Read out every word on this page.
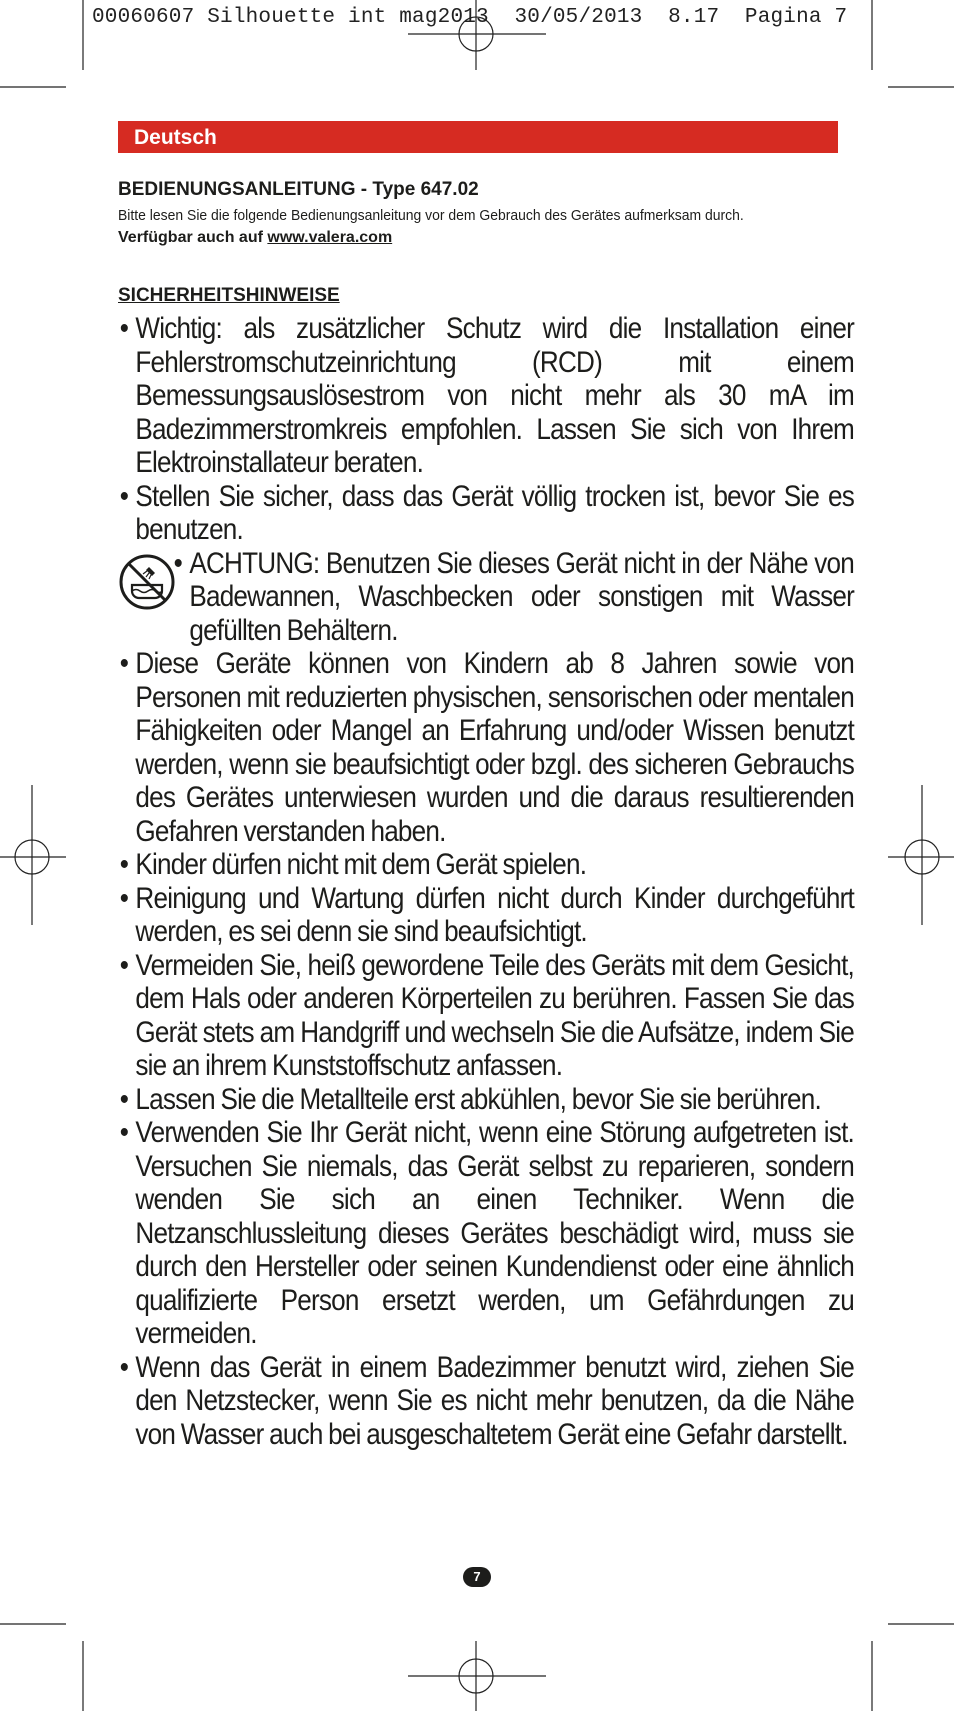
00060607 Silhouette int mag2013  30/05/2013  8.17  Pagina 7
Deutsch

BEDIENUNGSANLEITUNG - Type 647.02

Bitte lesen Sie die folgende Bedienungsanleitung vor dem Gebrauch des Gerätes aufmerksam durch.

Verfügbar auch auf www.valera.com

SICHERHEITSHINWEISE

• Wichtig: als zusätzlicher Schutz wird die Installation einer Fehlerstromschutzeinrichtung (RCD) mit einem Bemessungsauslösestrom von nicht mehr als 30 mA im Badezimmerstromkreis empfohlen. Lassen Sie sich von Ihrem Elektroinstallateur beraten.
• Stellen Sie sicher, dass das Gerät völlig trocken ist, bevor Sie es benutzen.
• ACHTUNG: Benutzen Sie dieses Gerät nicht in der Nähe von Badewannen, Waschbecken oder sonstigen mit Wasser gefüllten Behältern.
• Diese Geräte können von Kindern ab 8 Jahren sowie von Personen mit reduzierten physischen, sensorischen oder mentalen Fähigkeiten oder Mangel an Erfahrung und/oder Wissen benutzt werden, wenn sie beaufsichtigt oder bzgl. des sicheren Gebrauchs des Gerätes unterwiesen wurden und die daraus resultierenden Gefahren verstanden haben.
• Kinder dürfen nicht mit dem Gerät spielen.
• Reinigung und Wartung dürfen nicht durch Kinder durchgeführt werden, es sei denn sie sind beaufsichtigt.
• Vermeiden Sie, heiß gewordene Teile des Geräts mit dem Gesicht, dem Hals oder anderen Körperteilen zu berühren. Fassen Sie das Gerät stets am Handgriff und wechseln Sie die Aufsätze, indem Sie sie an ihrem Kunststoffschutz anfassen.
• Lassen Sie die Metallteile erst abkühlen, bevor Sie sie berühren.
• Verwenden Sie Ihr Gerät nicht, wenn eine Störung aufgetreten ist. Versuchen Sie niemals, das Gerät selbst zu reparieren, sondern wenden Sie sich an einen Techniker. Wenn die Netzanschlussleitung dieses Gerätes beschädigt wird, muss sie durch den Hersteller oder seinen Kundendienst oder eine ähnlich qualifizierte Person ersetzt werden, um Gefährdungen zu vermeiden.
• Wenn das Gerät in einem Badezimmer benutzt wird, ziehen Sie den Netzstecker, wenn Sie es nicht mehr benutzen, da die Nähe von Wasser auch bei ausgeschaltetem Gerät eine Gefahr darstellt.
7
